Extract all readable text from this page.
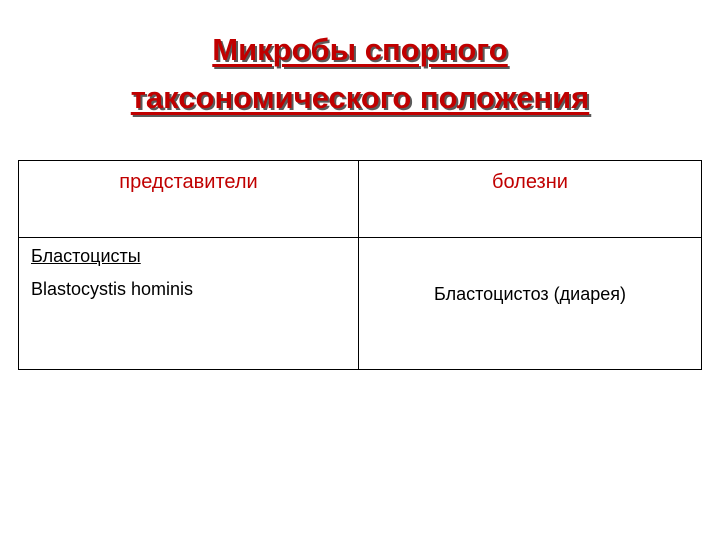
Микробы спорного
таксономического положения
представители	болезни

Бластоцисты
Blastocystis hominis	Бластоцистоз (диарея)
